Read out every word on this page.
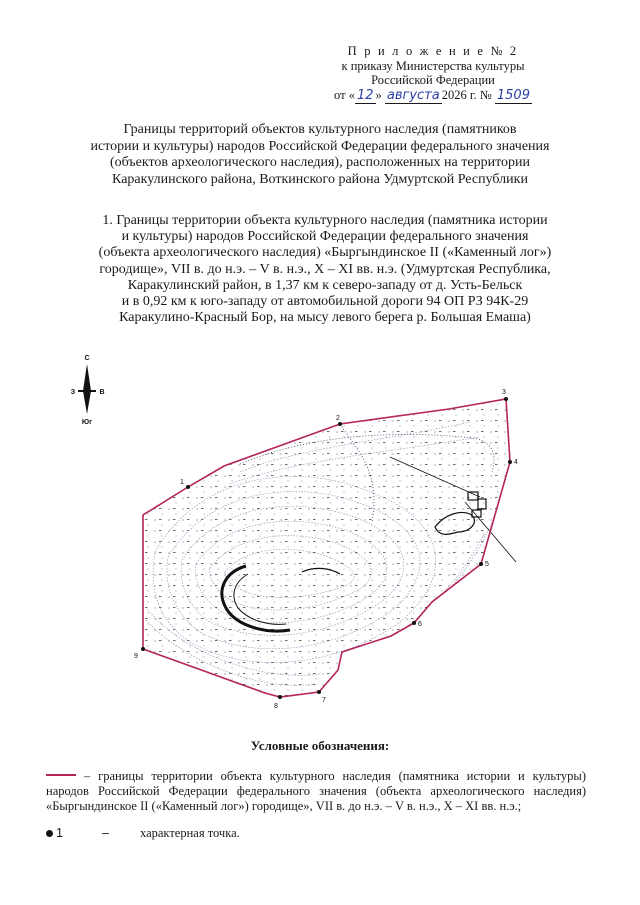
П р и л о ж е н и е № 2
к приказу Министерства культуры
Российской Федерации
от « 12 » августа 2026 г. № 1509
Границы территорий объектов культурного наследия (памятников
истории и культуры) народов Российской Федерации федерального значения
(объектов археологического наследия), расположенных на территории
Каракулинского района, Воткинского района Удмуртской Республики
1. Границы территории объекта культурного наследия (памятника истории
и культуры) народов Российской Федерации федерального значения
(объекта археологического наследия) «Быргындинское II («Каменный лог»)
городище», VII в. до н.э. – V в. н.э., X – XI вв. н.э. (Удмуртская Республика,
Каракулинский район, в 1,37 км к северо-западу от д. Усть-Бельск
и в 0,92 км к юго-западу от автомобильной дороги 94 ОП РЗ 94К-29
Каракулино-Красный Бор, на мысу левого берега р. Большая Емаша)
С
Юг
З	В
2
3
4
5
6
7
8
9
1
Условные обозначения:
– границы территории объекта культурного наследия (памятника истории и культуры) народов Российской Федерации федерального значения (объекта археологического наследия) «Быргындинское II («Каменный лог») городище», VII в. до н.э. – V в. н.э., X – XI вв. н.э.;
1	– характерная точка.
